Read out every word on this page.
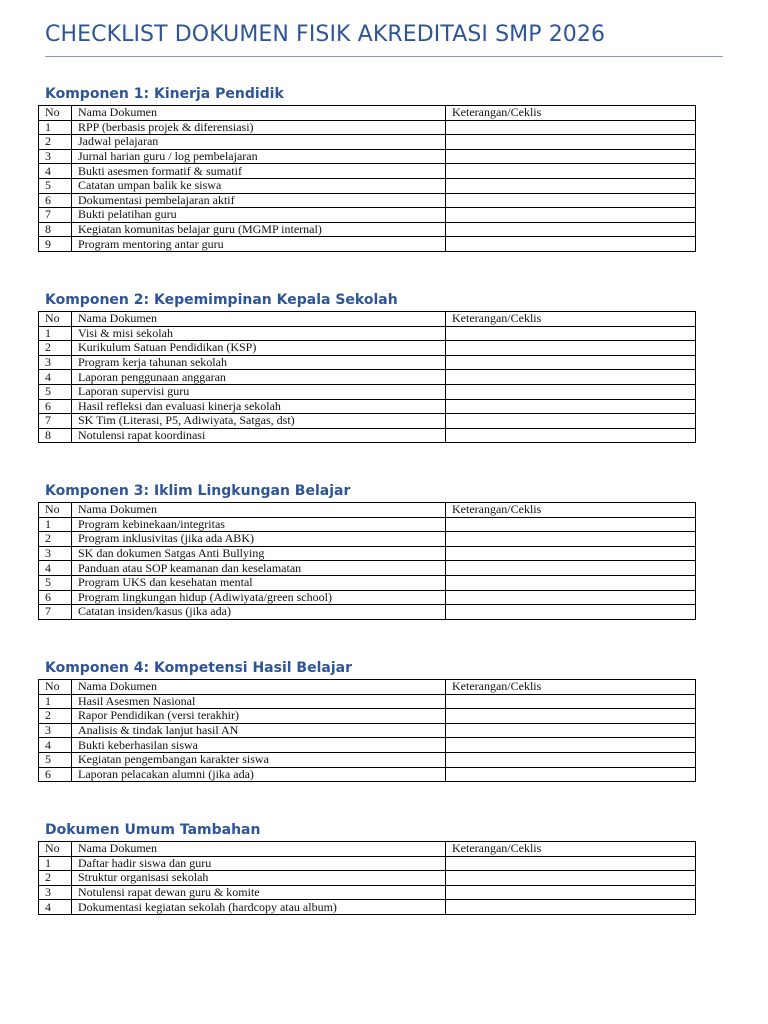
CHECKLIST DOKUMEN FISIK AKREDITASI SMP 2026
Komponen 1: Kinerja Pendidik
No	Nama Dokumen	Keterangan/Ceklis
1	RPP (berbasis projek & diferensiasi)	
2	Jadwal pelajaran	
3	Jurnal harian guru / log pembelajaran	
4	Bukti asesmen formatif & sumatif	
5	Catatan umpan balik ke siswa	
6	Dokumentasi pembelajaran aktif	
7	Bukti pelatihan guru	
8	Kegiatan komunitas belajar guru (MGMP internal)	
9	Program mentoring antar guru	
Komponen 2: Kepemimpinan Kepala Sekolah
No	Nama Dokumen	Keterangan/Ceklis
1	Visi & misi sekolah	
2	Kurikulum Satuan Pendidikan (KSP)	
3	Program kerja tahunan sekolah	
4	Laporan penggunaan anggaran	
5	Laporan supervisi guru	
6	Hasil refleksi dan evaluasi kinerja sekolah	
7	SK Tim (Literasi, P5, Adiwiyata, Satgas, dst)	
8	Notulensi rapat koordinasi	
Komponen 3: Iklim Lingkungan Belajar
No	Nama Dokumen	Keterangan/Ceklis
1	Program kebinekaan/integritas	
2	Program inklusivitas (jika ada ABK)	
3	SK dan dokumen Satgas Anti Bullying	
4	Panduan atau SOP keamanan dan keselamatan	
5	Program UKS dan kesehatan mental	
6	Program lingkungan hidup (Adiwiyata/green school)	
7	Catatan insiden/kasus (jika ada)	
Komponen 4: Kompetensi Hasil Belajar
No	Nama Dokumen	Keterangan/Ceklis
1	Hasil Asesmen Nasional	
2	Rapor Pendidikan (versi terakhir)	
3	Analisis & tindak lanjut hasil AN	
4	Bukti keberhasilan siswa	
5	Kegiatan pengembangan karakter siswa	
6	Laporan pelacakan alumni (jika ada)	
Dokumen Umum Tambahan
No	Nama Dokumen	Keterangan/Ceklis
1	Daftar hadir siswa dan guru	
2	Struktur organisasi sekolah	
3	Notulensi rapat dewan guru & komite	
4	Dokumentasi kegiatan sekolah (hardcopy atau album)	
